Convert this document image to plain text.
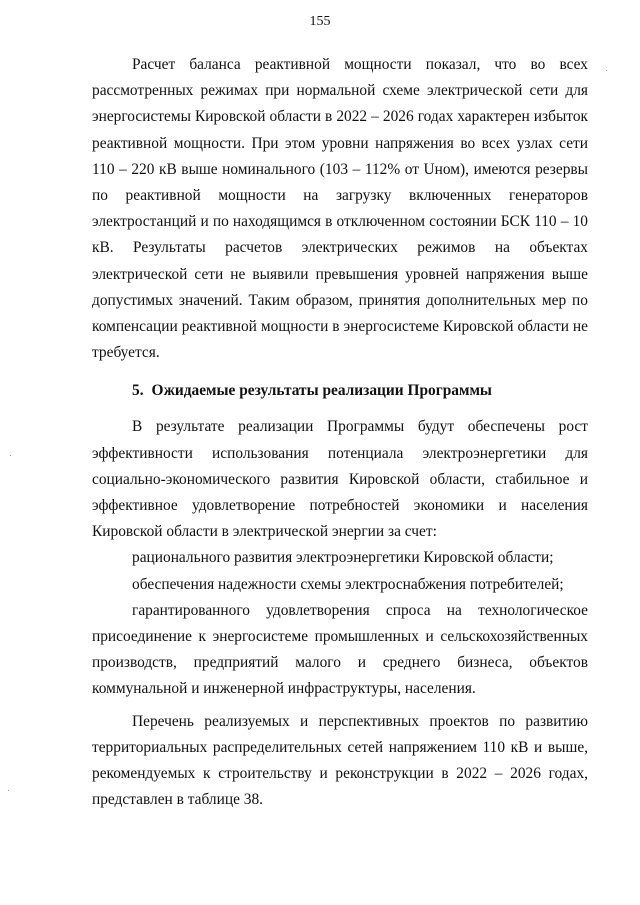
155

Расчет баланса реактивной мощности показал, что во всех рассмотренных режимах при нормальной схеме электрической сети для энергосистемы Кировской области в 2022 – 2026 годах характерен избыток реактивной мощности. При этом уровни напряжения во всех узлах сети 110 – 220 кВ выше номинального (103 – 112% от Uном), имеются резервы по реактивной мощности на загрузку включенных генераторов электростанций и по находящимся в отключенном состоянии БСК 110 – 10 кВ. Результаты расчетов электрических режимов на объектах электрической сети не выявили превышения уровней напряжения выше допустимых значений. Таким образом, принятия дополнительных мер по компенсации реактивной мощности в энергосистеме Кировской области не требуется.

5. Ожидаемые результаты реализации Программы

В результате реализации Программы будут обеспечены рост эффективности использования потенциала электроэнергетики для социально-экономического развития Кировской области, стабильное и эффективное удовлетворение потребностей экономики и населения Кировской области в электрической энергии за счет:

рационального развития электроэнергетики Кировской области;

обеспечения надежности схемы электроснабжения потребителей;

гарантированного удовлетворения спроса на технологическое присоединение к энергосистеме промышленных и сельскохозяйственных производств, предприятий малого и среднего бизнеса, объектов коммунальной и инженерной инфраструктуры, населения.

Перечень реализуемых и перспективных проектов по развитию территориальных распределительных сетей напряжением 110 кВ и выше, рекомендуемых к строительству и реконструкции в 2022 – 2026 годах, представлен в таблице 38.
